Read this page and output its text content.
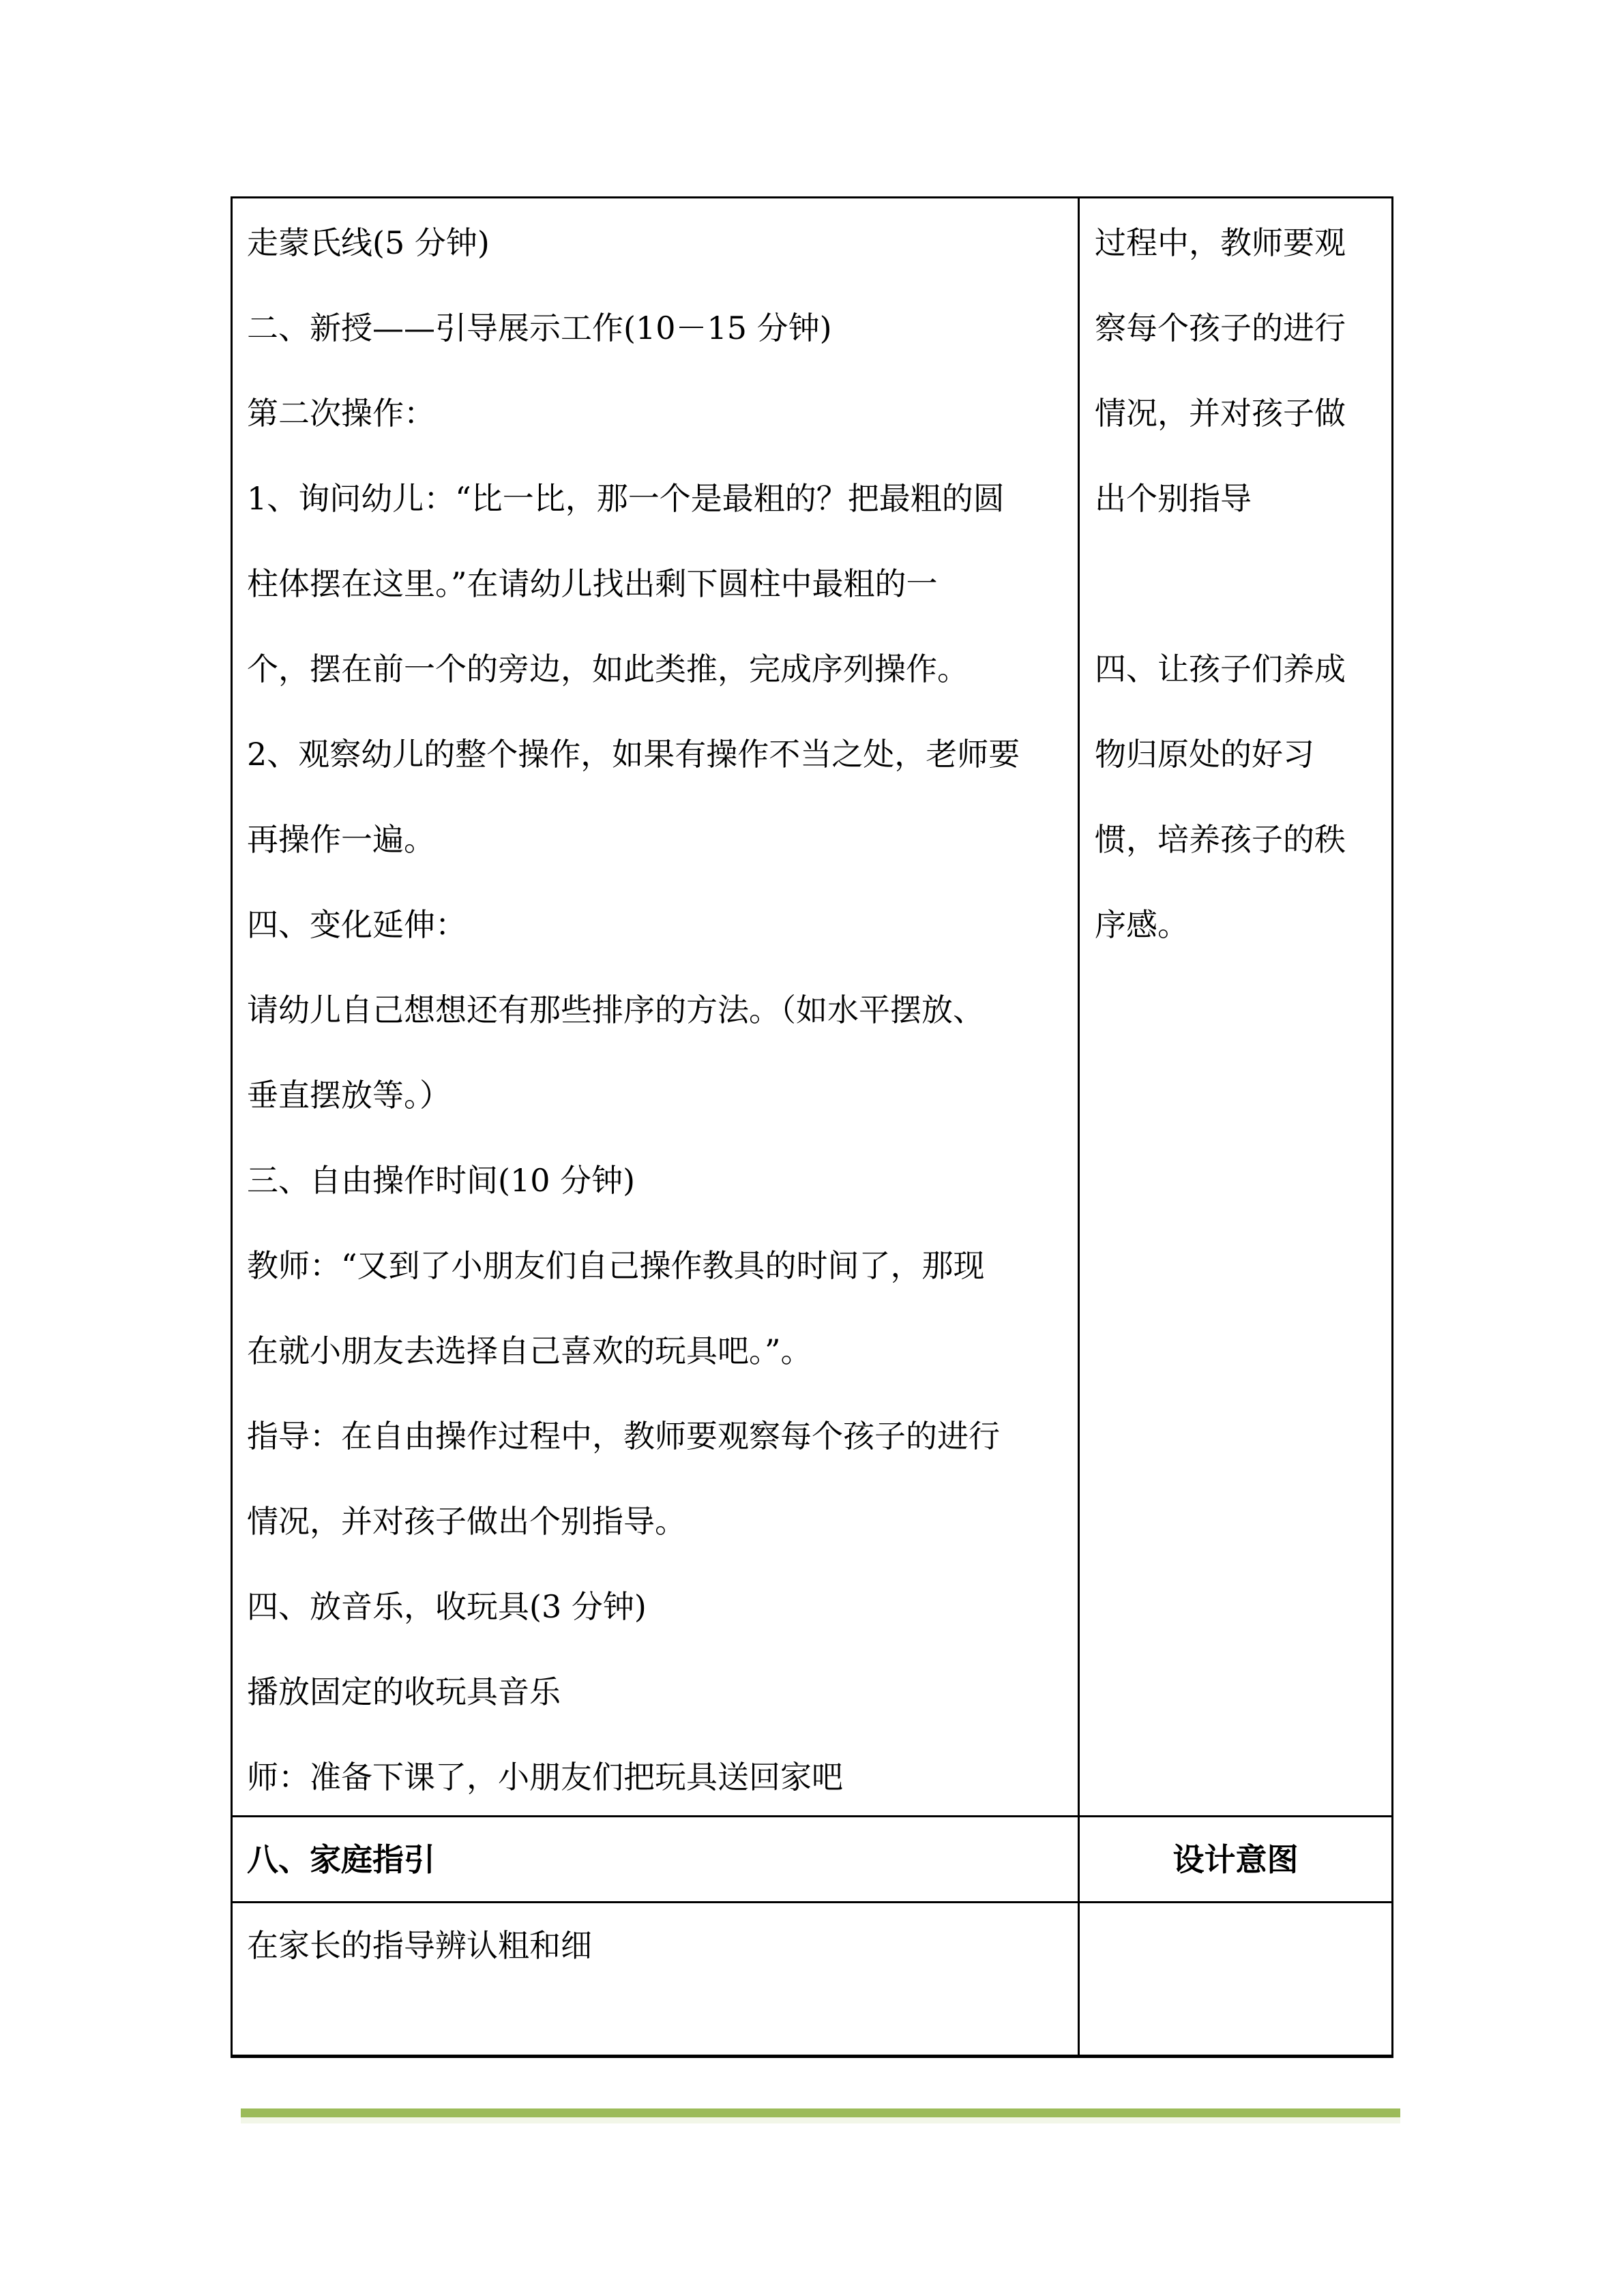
走蒙氏线(5 分钟)
二、新授——引导展示工作(10－15 分钟)
第二次操作：
1、询问幼儿：“比一比，那一个是最粗的？把最粗的圆
柱体摆在这里。”在请幼儿找出剩下圆柱中最粗的一
个，摆在前一个的旁边，如此类推，完成序列操作。
2、观察幼儿的整个操作，如果有操作不当之处，老师要
再操作一遍。
四、变化延伸：
请幼儿自己想想还有那些排序的方法。（如水平摆放、
垂直摆放等。）
三、自由操作时间(10 分钟)
教师：“又到了小朋友们自己操作教具的时间了，那现
在就小朋友去选择自己喜欢的玩具吧。”。
指导：在自由操作过程中，教师要观察每个孩子的进行
情况，并对孩子做出个别指导。
四、放音乐，收玩具(3 分钟)
播放固定的收玩具音乐
师：准备下课了，小朋友们把玩具送回家吧
过程中，教师要观
察每个孩子的进行
情况，并对孩子做
出个别指导

四、让孩子们养成
物归原处的好习
惯，培养孩子的秩
序感。

八、家庭指引	设计意图
在家长的指导辨认粗和细
